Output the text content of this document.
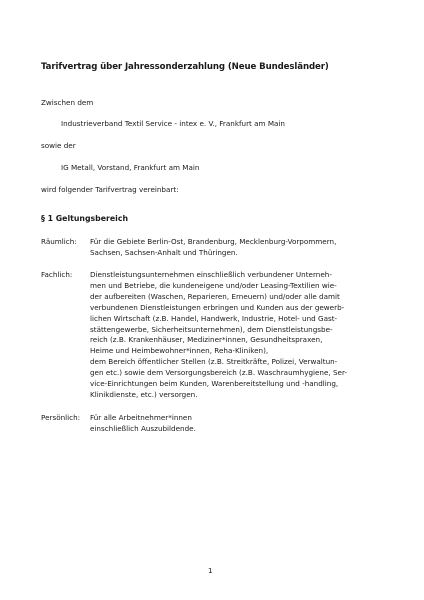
Tarifvertrag über Jahressonderzahlung (Neue Bundesländer)
Zwischen dem
Industrieverband Textil Service - intex e. V., Frankfurt am Main
sowie der
IG Metall, Vorstand, Frankfurt am Main
wird folgender Tarifvertrag vereinbart:
§ 1 Geltungsbereich
Räumlich: Für die Gebiete Berlin-Ost, Brandenburg, Mecklenburg-Vorpommern,
Sachsen, Sachsen-Anhalt und Thüringen.
Fachlich: Dienstleistungsunternehmen einschließlich verbundener Unterneh-
men und Betriebe, die kundeneigene und/oder Leasing-Textilien wie-
der aufbereiten (Waschen, Reparieren, Erneuern) und/oder alle damit
verbundenen Dienstleistungen erbringen und Kunden aus der gewerb-
lichen Wirtschaft (z.B. Handel, Handwerk, Industrie, Hotel- und Gast-
stättengewerbe, Sicherheitsunternehmen), dem Dienstleistungsbe-
reich (z.B. Krankenhäuser, Mediziner*innen, Gesundheitspraxen,
Heime und Heimbewohner*innen, Reha-Kliniken),
dem Bereich öffentlicher Stellen (z.B. Streitkräfte, Polizei, Verwaltun-
gen etc.) sowie dem Versorgungsbereich (z.B. Waschraumhygiene, Ser-
vice-Einrichtungen beim Kunden, Warenbereitstellung und -handling,
Klinikdienste, etc.) versorgen.
Persönlich: Für alle Arbeitnehmer*innen
einschließlich Auszubildende.
1
